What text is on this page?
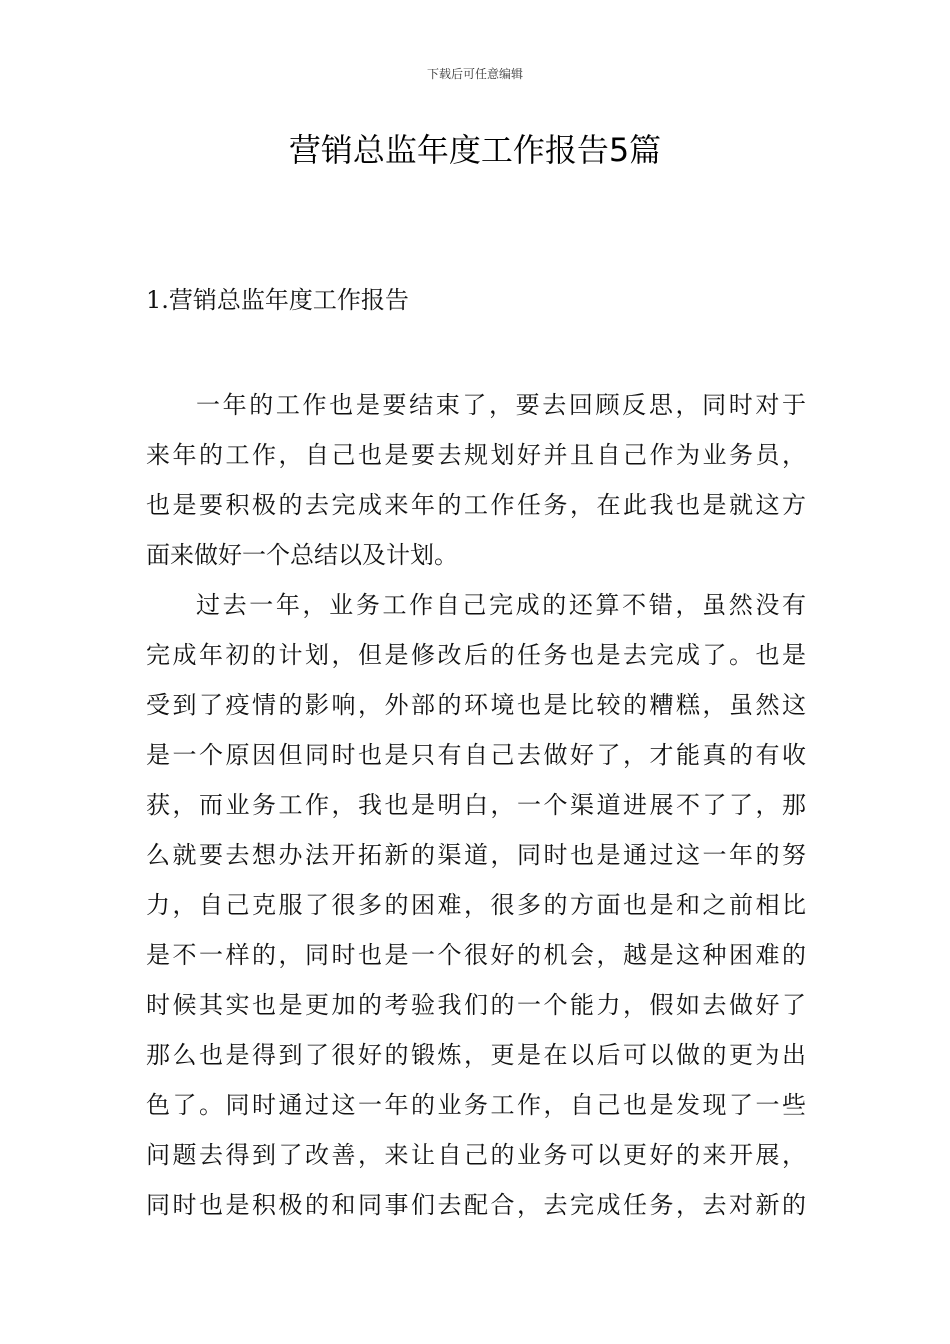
下载后可任意编辑
营销总监年度工作报告5篇
1.营销总监年度工作报告
一年的工作也是要结束了，要去回顾反思，同时对于
来年的工作，自己也是要去规划好并且自己作为业务员，
也是要积极的去完成来年的工作任务，在此我也是就这方
面来做好一个总结以及计划。
过去一年，业务工作自己完成的还算不错，虽然没有
完成年初的计划，但是修改后的任务也是去完成了。也是
受到了疫情的影响，外部的环境也是比较的糟糕，虽然这
是一个原因但同时也是只有自己去做好了，才能真的有收
获，而业务工作，我也是明白，一个渠道进展不了了，那
么就要去想办法开拓新的渠道，同时也是通过这一年的努
力，自己克服了很多的困难，很多的方面也是和之前相比
是不一样的，同时也是一个很好的机会，越是这种困难的
时候其实也是更加的考验我们的一个能力，假如去做好了
那么也是得到了很好的锻炼，更是在以后可以做的更为出
色了。同时通过这一年的业务工作，自己也是发现了一些
问题去得到了改善，来让自己的业务可以更好的来开展，
同时也是积极的和同事们去配合，去完成任务，去对新的
